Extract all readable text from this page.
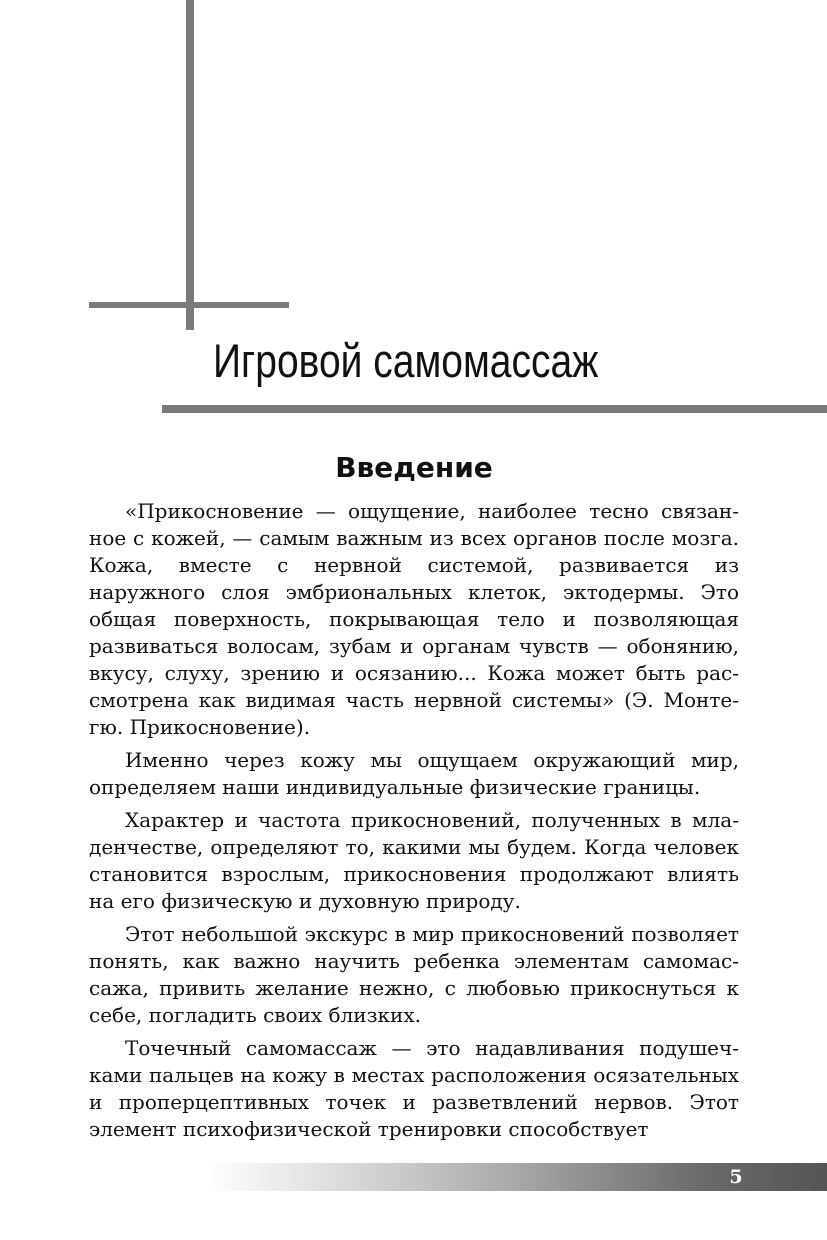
Игровой самомассаж
Введение

«Прикосновение — ощущение, наиболее тесно связанное с кожей, — самым важным из всех органов после мозга. Кожа, вместе с нервной системой, развивается из наружного слоя эмбриональных клеток, эктодермы. Это общая поверхность, покрывающая тело и позволяющая развиваться волосам, зубам и органам чувств — обонянию, вкусу, слуху, зрению и осязанию... Кожа может быть рассмотрена как видимая часть нервной системы» (Э. Монтегю. Прикосновение).

Именно через кожу мы ощущаем окружающий мир, определяем наши индивидуальные физические границы.

Характер и частота прикосновений, полученных в младенчестве, определяют то, какими мы будем. Когда человек становится взрослым, прикосновения продолжают влиять на его физическую и духовную природу.

Этот небольшой экскурс в мир прикосновений позволяет понять, как важно научить ребенка элементам самомассажа, привить желание нежно, с любовью прикоснуться к себе, погладить своих близких.

Точечный самомассаж — это надавливания подушечками пальцев на кожу в местах расположения осязательных и проперцептивных точек и разветвлений нервов. Этот элемент психофизической тренировки способствует

5
